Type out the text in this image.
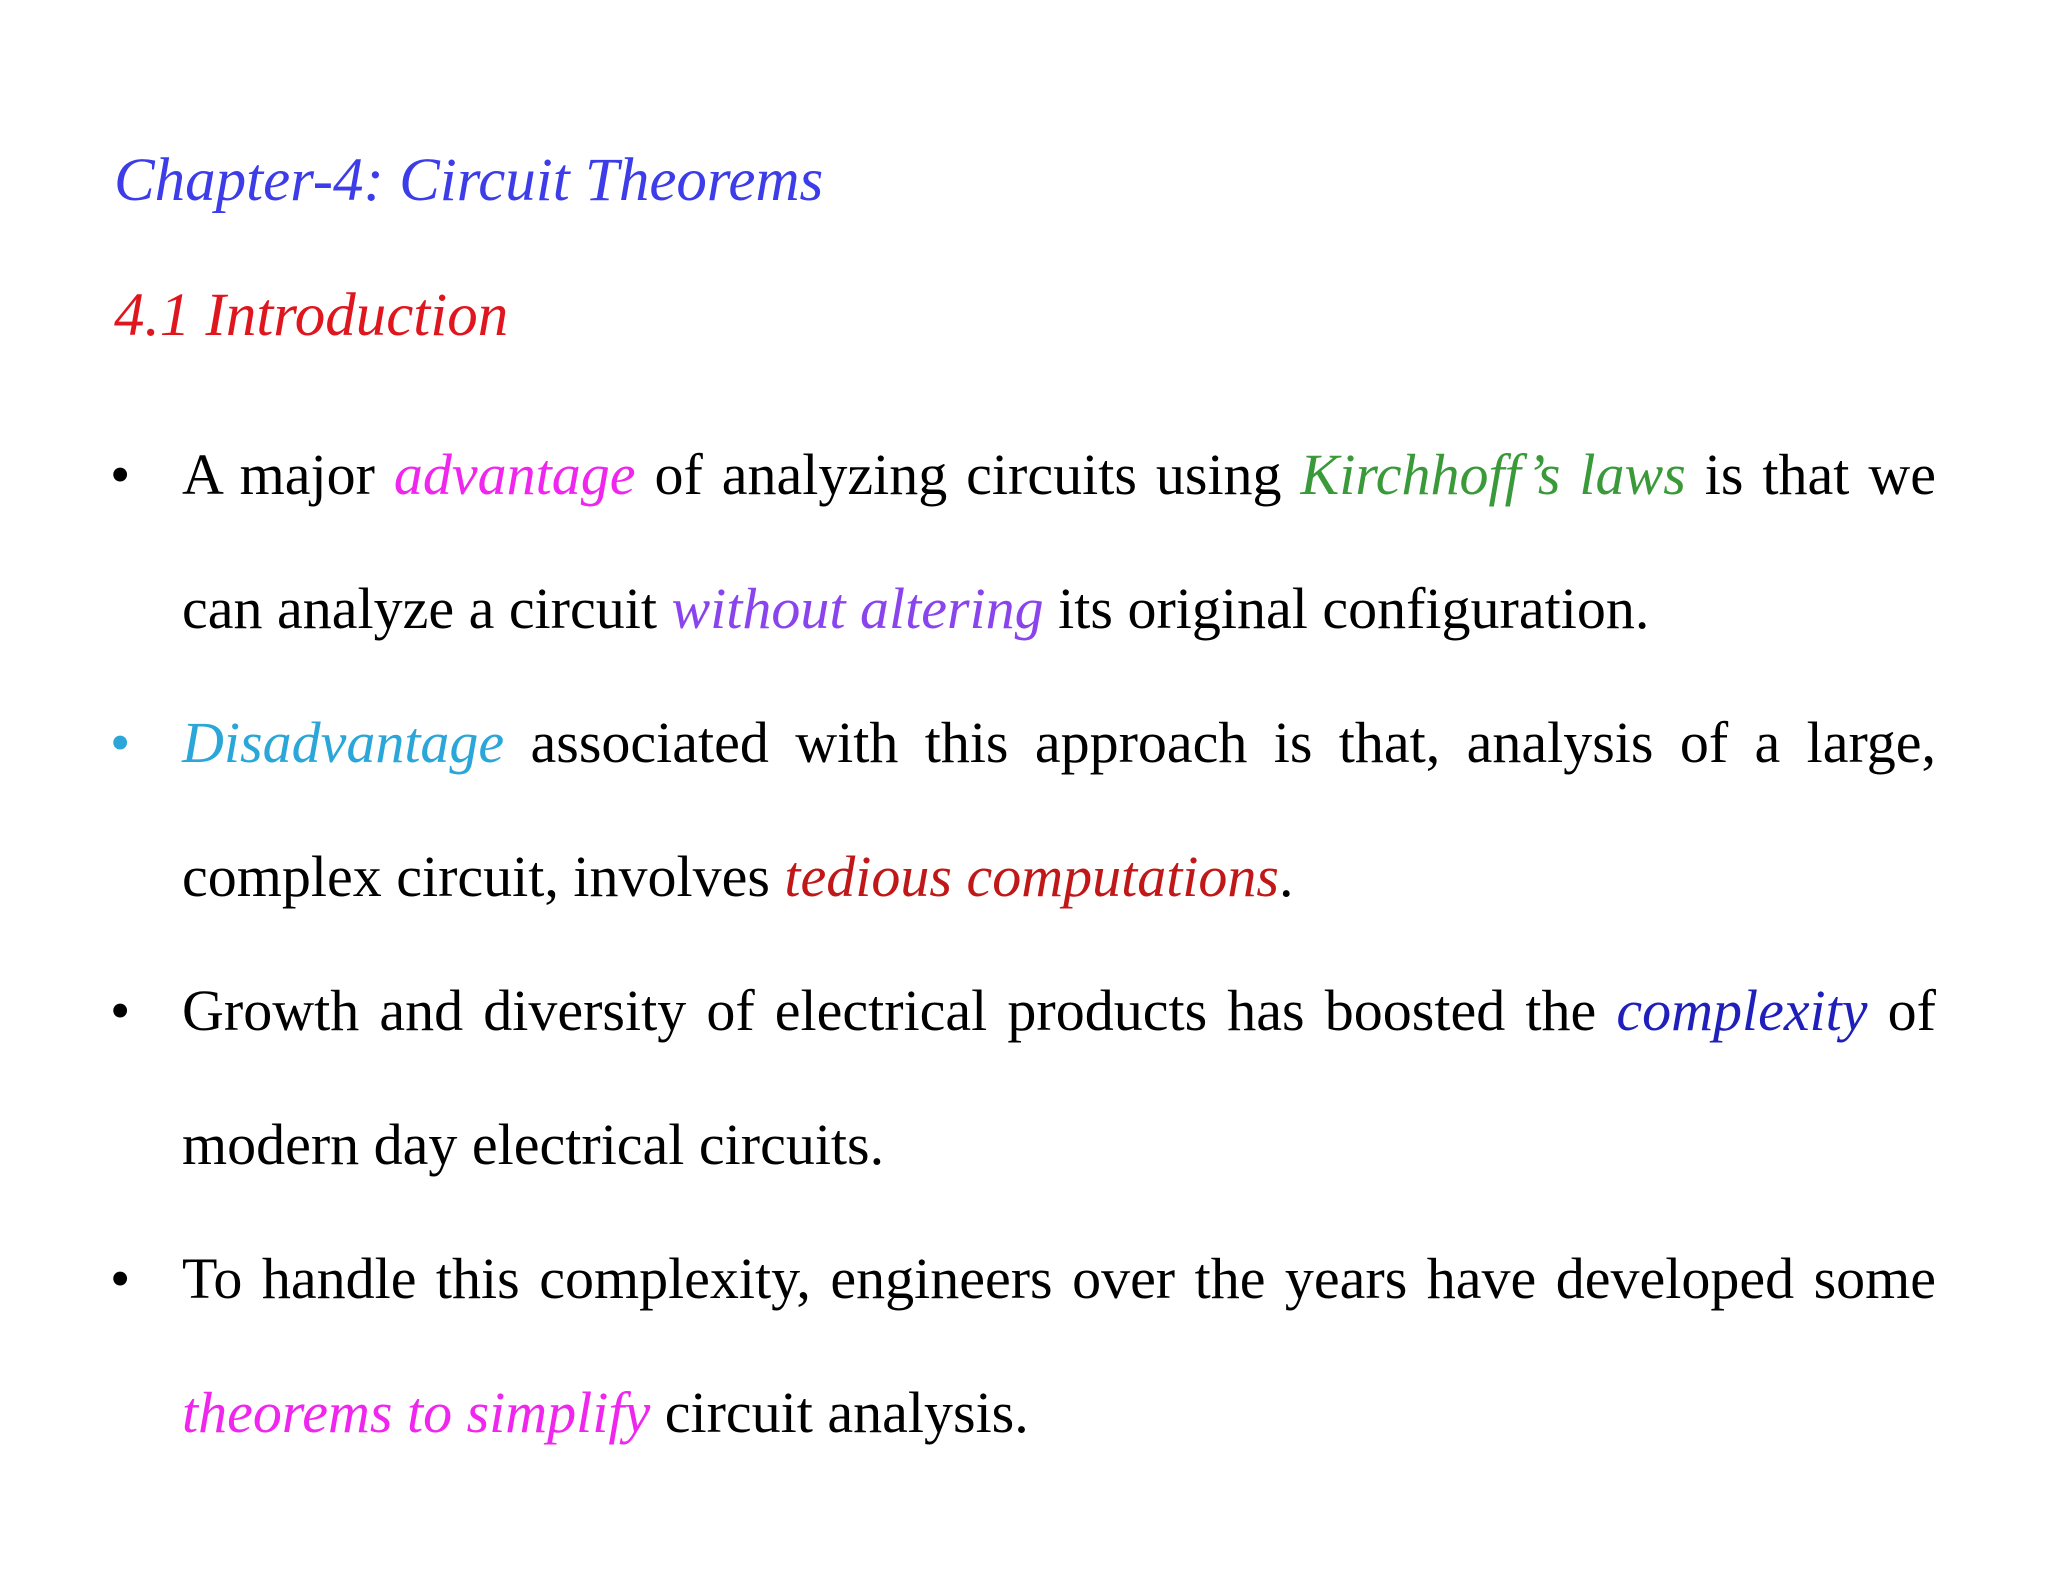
Chapter-4: Circuit Theorems
4.1 Introduction
• A major advantage of analyzing circuits using Kirchhoff’s laws is that we can analyze a circuit without altering its original configuration.
• Disadvantage associated with this approach is that, analysis of a large, complex circuit, involves tedious computations.
• Growth and diversity of electrical products has boosted the complexity of modern day electrical circuits.
• To handle this complexity, engineers over the years have developed some theorems to simplify circuit analysis.
